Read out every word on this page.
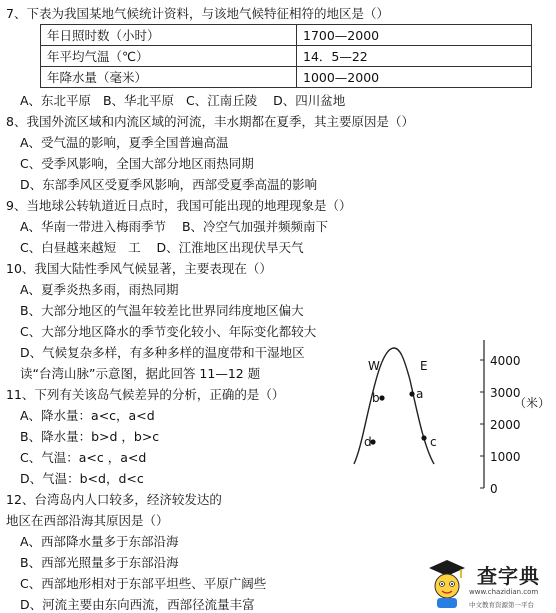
7、下表为我国某地气候统计资料，与该地气候特征相符的地区是（）
年日照时数（小时）	1700—2000
年平均气温（℃）	14．5—22
年降水量（毫米）	1000—2000
A、东北平原   B、华北平原   C、江南丘陵    D、四川盆地
8、我国外流区域和内流区域的河流，丰水期都在夏季，其主要原因是（）
A、受气温的影响，夏季全国普遍高温
C、受季风影响，全国大部分地区雨热同期
D、东部季风区受夏季风影响，西部受夏季高温的影响
9、当地球公转轨道近日点时，我国可能出现的地理现象是（）
A、华南一带进入梅雨季节    B、冷空气加强并频频南下
C、白昼越来越短   工    D、江淮地区出现伏旱天气
10、我国大陆性季风气候显著，主要表现在（）
A、夏季炎热多雨，雨热同期
B、大部分地区的气温年较差比世界同纬度地区偏大
C、大部分地区降水的季节变化较小、年际变化都较大
D、气候复杂多样，有多种多样的温度带和干湿地区
读“台湾山脉”示意图，据此回答 11—12 题
11、下列有关该岛气候差异的分析，正确的是（）
A、降水量：a<c，a<d
B、降水量：b>d ，b>c
C、气温：a<c ，a<d
D、气温：b<d，d<c
12、台湾岛内人口较多，经济较发达的
地区在西部沿海其原因是（）
A、西部降水量多于东部沿海
B、西部光照量多于东部沿海
C、西部地形相对于东部平坦些、平原广阔些
D、河流主要由东向西流，西部径流量丰富
W	E
b	a
d	c
4000
3000
2000
1000
0
（米）
查字典
www.chazidian.com
中文教育资源第一平台
